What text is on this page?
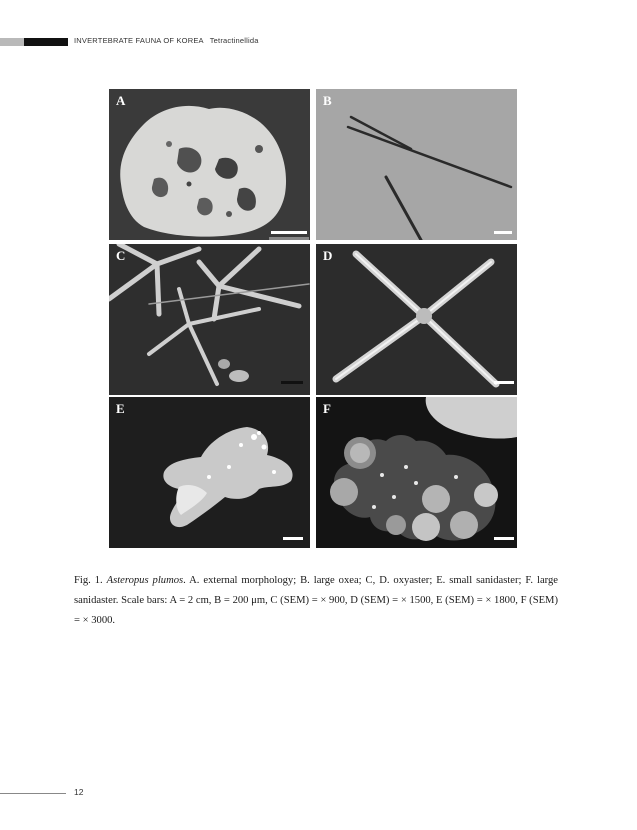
INVERTEBRATE FAUNA OF KOREA Tetractinellida
A	B
C	D
E	F
Fig. 1. Asteropus plumos. A. external morphology; B. large oxea; C, D. oxyaster; E. small sanidaster; F. large sanidaster. Scale bars: A = 2 cm, B = 200 μm, C (SEM) = × 900, D (SEM) = × 1500, E (SEM) = × 1800, F (SEM) = × 3000.
12
